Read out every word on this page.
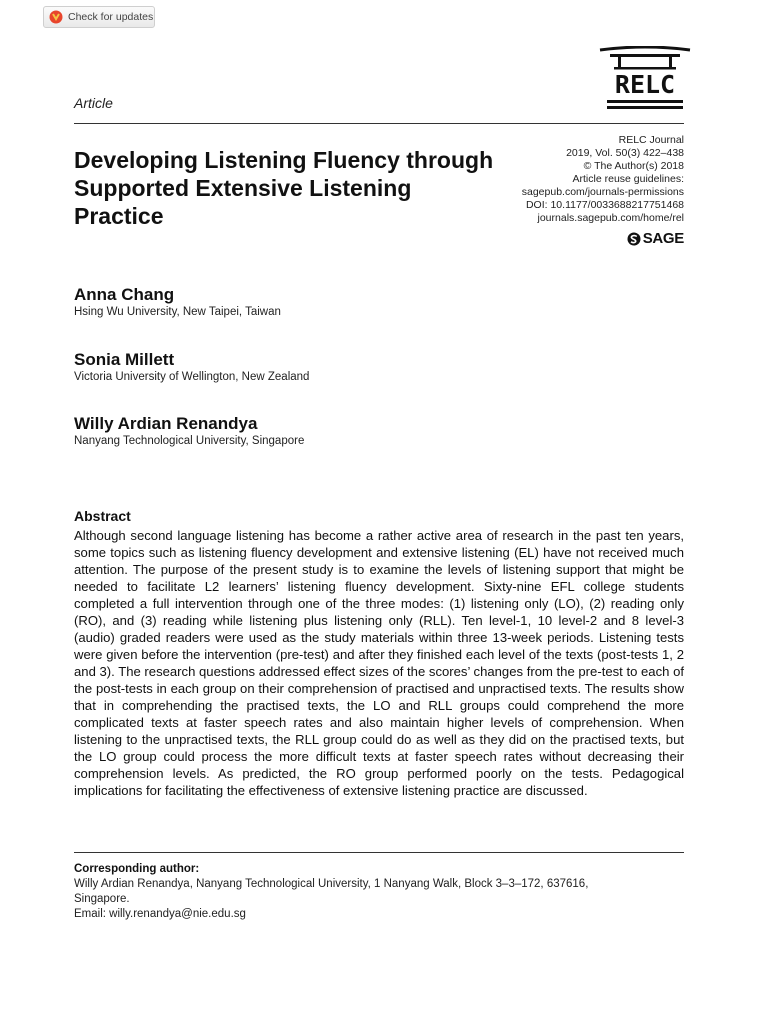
Check for updates
RELC
Article
Developing Listening Fluency through Supported Extensive Listening Practice
RELC Journal
2019, Vol. 50(3) 422–438
© The Author(s) 2018
Article reuse guidelines:
sagepub.com/journals-permissions
DOI: 10.1177/0033688217751468
journals.sagepub.com/home/rel
SAGE
Anna Chang
Hsing Wu University, New Taipei, Taiwan
Sonia Millett
Victoria University of Wellington, New Zealand
Willy Ardian Renandya
Nanyang Technological University, Singapore
Abstract

Although second language listening has become a rather active area of research in the past ten years, some topics such as listening fluency development and extensive listening (EL) have not received much attention. The purpose of the present study is to examine the levels of listening support that might be needed to facilitate L2 learners’ listening fluency development. Sixty-nine EFL college students completed a full intervention through one of the three modes: (1) listening only (LO), (2) reading only (RO), and (3) reading while listening plus listening only (RLL). Ten level-1, 10 level-2 and 8 level-3 (audio) graded readers were used as the study materials within three 13-week periods. Listening tests were given before the intervention (pre-test) and after they finished each level of the texts (post-tests 1, 2 and 3). The research questions addressed effect sizes of the scores’ changes from the pre-test to each of the post-tests in each group on their comprehension of practised and unpractised texts. The results show that in comprehending the practised texts, the LO and RLL groups could comprehend the more complicated texts at faster speech rates and also maintain higher levels of comprehension. When listening to the unpractised texts, the RLL group could do as well as they did on the practised texts, but the LO group could process the more difficult texts at faster speech rates without decreasing their comprehension levels. As predicted, the RO group performed poorly on the tests. Pedagogical implications for facilitating the effectiveness of extensive listening practice are discussed.

Corresponding author:
Willy Ardian Renandya, Nanyang Technological University, 1 Nanyang Walk, Block 3–3–172, 637616,
Singapore.
Email: willy.renandya@nie.edu.sg
